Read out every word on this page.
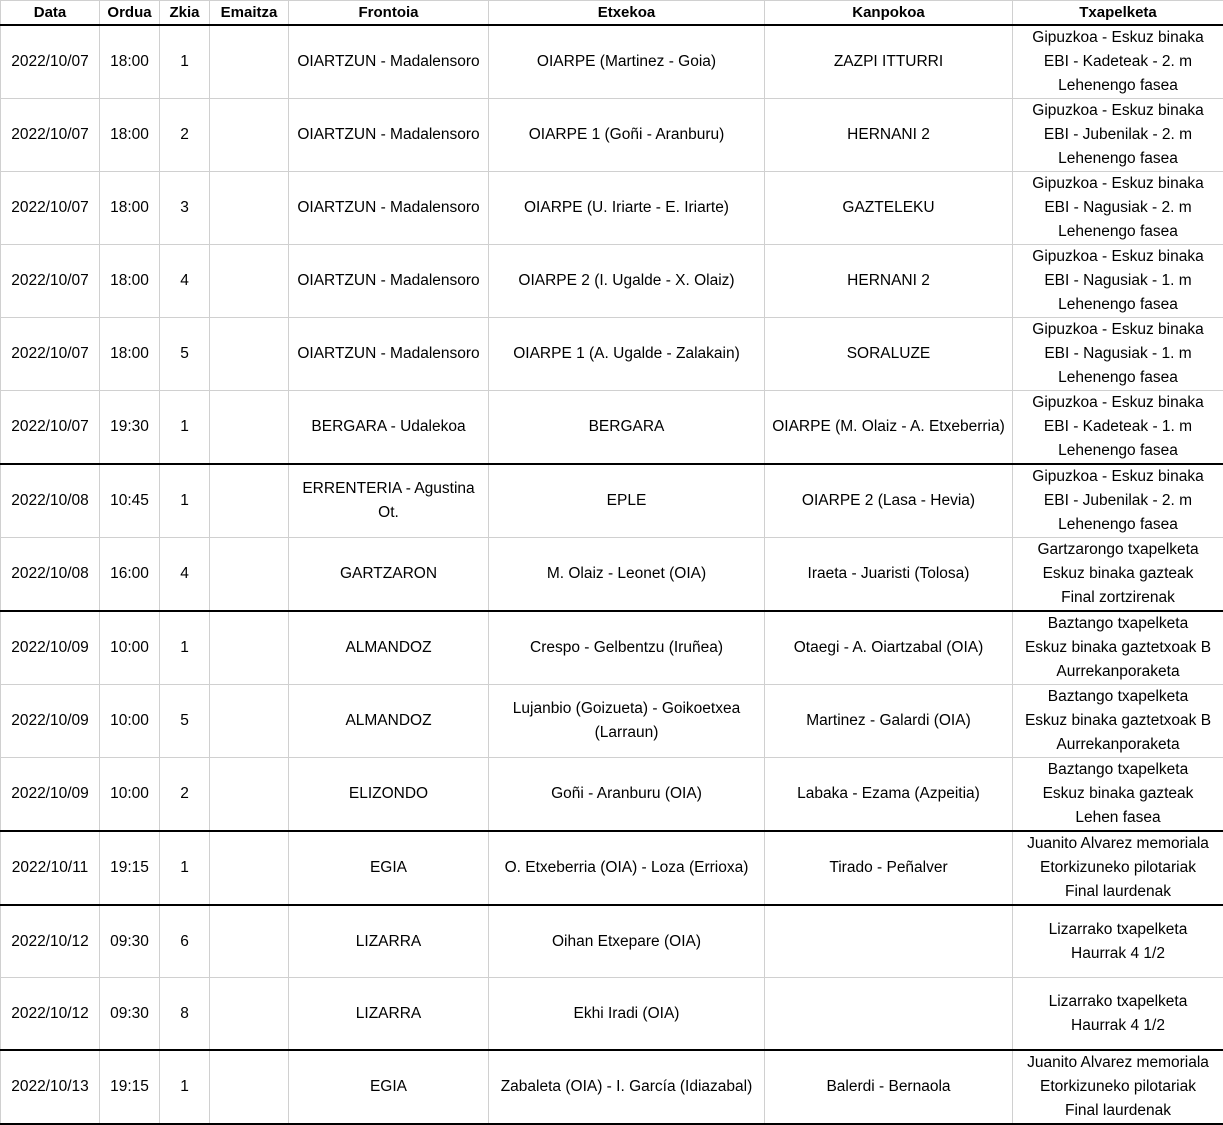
Data	Ordua	Zkia	Emaitza	Frontoia	Etxekoa	Kanpokoa	Txapelketa
2022/10/07	18:00	1		OIARTZUN - Madalensoro	OIARPE (Martinez - Goia)	ZAZPI ITTURRI	Gipuzkoa - Eskuz binaka
EBI - Kadeteak - 2. m
Lehenengo fasea

2022/10/07	18:00	2		OIARTZUN - Madalensoro	OIARPE 1 (Goñi - Aranburu)	HERNANI 2	Gipuzkoa - Eskuz binaka
EBI - Jubenilak - 2. m
Lehenengo fasea

2022/10/07	18:00	3		OIARTZUN - Madalensoro	OIARPE (U. Iriarte - E. Iriarte)	GAZTELEKU	Gipuzkoa - Eskuz binaka
EBI - Nagusiak - 2. m
Lehenengo fasea

2022/10/07	18:00	4		OIARTZUN - Madalensoro	OIARPE 2 (I. Ugalde - X. Olaiz)	HERNANI 2	Gipuzkoa - Eskuz binaka
EBI - Nagusiak - 1. m
Lehenengo fasea

2022/10/07	18:00	5		OIARTZUN - Madalensoro	OIARPE 1 (A. Ugalde - Zalakain)	SORALUZE	Gipuzkoa - Eskuz binaka
EBI - Nagusiak - 1. m
Lehenengo fasea

2022/10/07	19:30	1		BERGARA - Udalekoa	BERGARA	OIARPE (M. Olaiz - A. Etxeberria)	Gipuzkoa - Eskuz binaka
EBI - Kadeteak - 1. m
Lehenengo fasea

2022/10/08	10:45	1		ERRENTERIA - Agustina Ot.	EPLE	OIARPE 2 (Lasa - Hevia)	Gipuzkoa - Eskuz binaka
EBI - Jubenilak - 2. m
Lehenengo fasea

2022/10/08	16:00	4		GARTZARON	M. Olaiz - Leonet (OIA)	Iraeta - Juaristi (Tolosa)	Gartzarongo txapelketa
Eskuz binaka gazteak
Final zortzirenak

2022/10/09	10:00	1		ALMANDOZ	Crespo - Gelbentzu (Iruñea)	Otaegi - A. Oiartzabal (OIA)	Baztango txapelketa
Eskuz binaka gaztetxoak B
Aurrekanporaketa

2022/10/09	10:00	5		ALMANDOZ	Lujanbio (Goizueta) - Goikoetxea (Larraun)	Martinez - Galardi (OIA)	Baztango txapelketa
Eskuz binaka gaztetxoak B
Aurrekanporaketa

2022/10/09	10:00	2		ELIZONDO	Goñi - Aranburu (OIA)	Labaka - Ezama (Azpeitia)	Baztango txapelketa
Eskuz binaka gazteak
Lehen fasea

2022/10/11	19:15	1		EGIA	O. Etxeberria (OIA) - Loza (Errioxa)	Tirado - Peñalver	Juanito Alvarez memoriala
Etorkizuneko pilotariak
Final laurdenak

2022/10/12	09:30	6		LIZARRA	Oihan Etxepare (OIA)		Lizarrako txapelketa
Haurrak 4 1/2

2022/10/12	09:30	8		LIZARRA	Ekhi Iradi (OIA)		Lizarrako txapelketa
Haurrak 4 1/2

2022/10/13	19:15	1		EGIA	Zabaleta (OIA) - I. García (Idiazabal)	Balerdi - Bernaola	Juanito Alvarez memoriala
Etorkizuneko pilotariak
Final laurdenak
